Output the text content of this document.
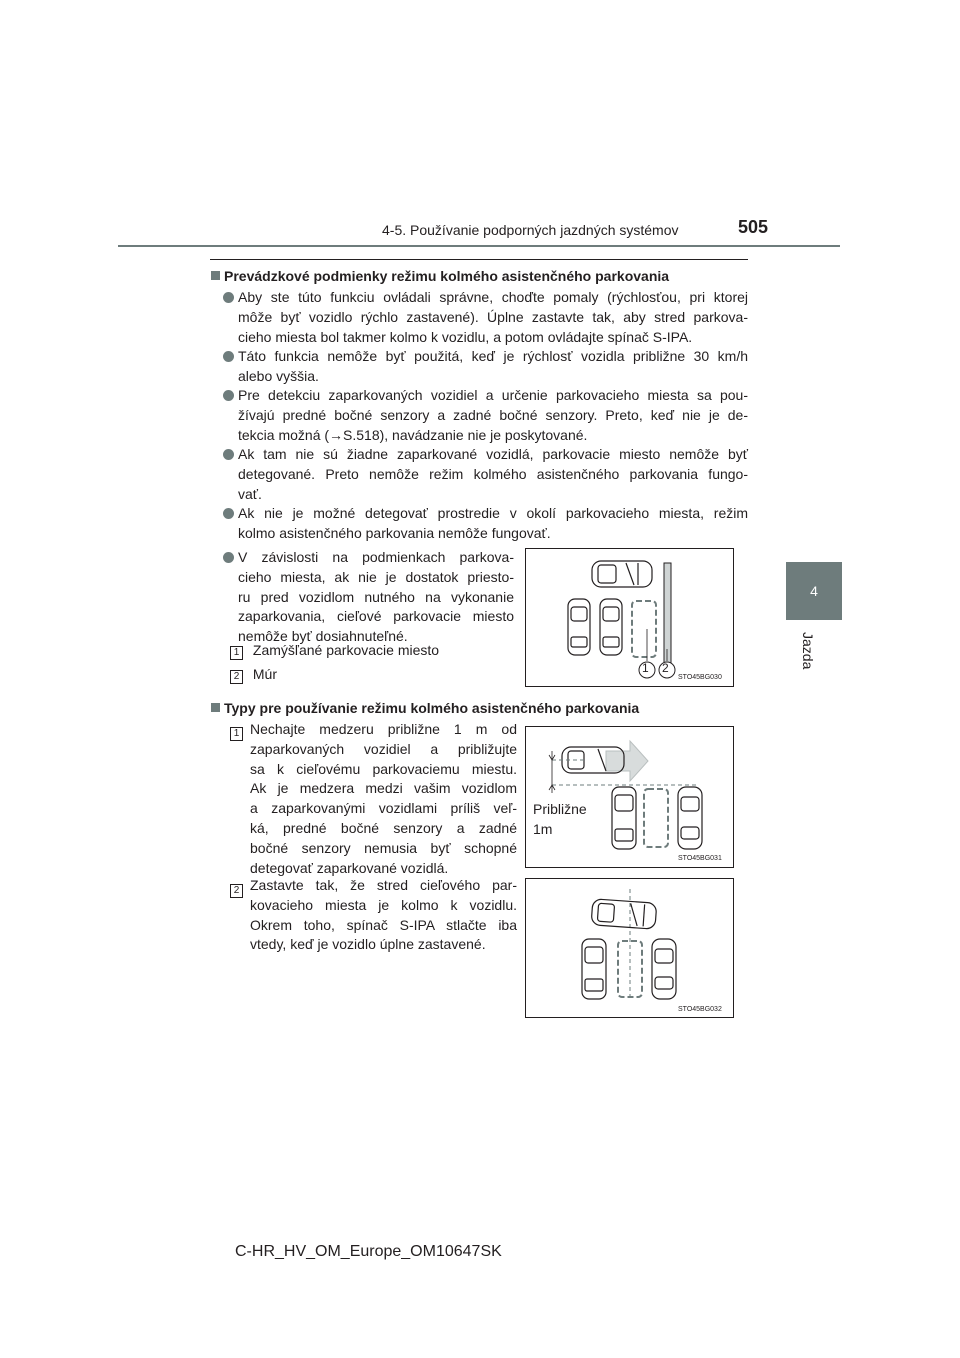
4-5. Používanie podporných jazdných systémov	505
4
Jazda
Prevádzkové podmienky režimu kolmého asistenčného parkovania
Aby ste túto funkciu ovládali správne, choďte pomaly (rýchlosťou, pri ktorej
môže byť vozidlo rýchlo zastavené). Úplne zastavte tak, aby stred parkova-
cieho miesta bol takmer kolmo k vozidlu, a potom ovládajte spínač S-IPA.
Táto funkcia nemôže byť použitá, keď je rýchlosť vozidla približne 30 km/h
alebo vyššia.
Pre detekciu zaparkovaných vozidiel a určenie parkovacieho miesta sa pou-
žívajú predné bočné senzory a zadné bočné senzory. Preto, keď nie je de-
tekcia možná (→S.518), navádzanie nie je poskytované.
Ak tam nie sú žiadne zaparkované vozidlá, parkovacie miesto nemôže byť
detegované. Preto nemôže režim kolmého asistenčného parkovania fungo-
vať.
Ak nie je možné detegovať prostredie v okolí parkovacieho miesta, režim
kolmo asistenčného parkovania nemôže fungovať.
V závislosti na podmienkach parkova-
cieho miesta, ak nie je dostatok priesto-
ru pred vozidlom nutného na vykonanie
zaparkovania, cieľové parkovacie miesto
nemôže byť dosiahnuteľné.
1 Zamýšľané parkovacie miesto
2 Múr	1 2
STO45BG030
Typy pre používanie režimu kolmého asistenčného parkovania
1 Nechajte medzeru približne 1 m od
zaparkovaných vozidiel a približujte
sa k cieľovému parkovaciemu miestu.
Ak je medzera medzi vašim vozidlom
a zaparkovanými vozidlami príliš veľ-
ká, predné bočné senzory a zadné
bočné senzory nemusia byť schopné
detegovať zaparkované vozidlá.
Približne
1m
STO45BG031
2 Zastavte tak, že stred cieľového par-
kovacieho miesta je kolmo k vozidlu.
Okrem toho, spínač S-IPA stlačte iba
vtedy, keď je vozidlo úplne zastavené.
STO45BG032
C-HR_HV_OM_Europe_OM10647SK
